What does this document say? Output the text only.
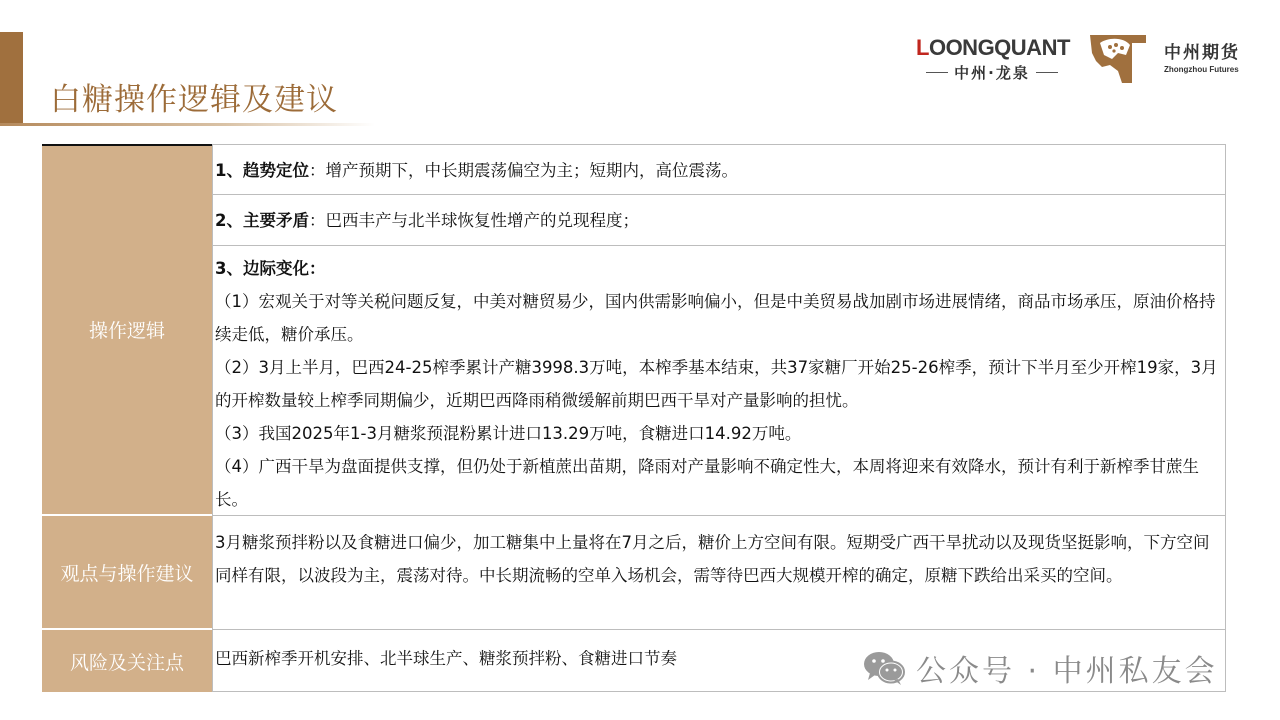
白糖操作逻辑及建议
LOONGQUANT
中州·龙泉
中州期货
Zhongzhou Futures
操作逻辑
观点与操作建议
风险及关注点
1、趋势定位：增产预期下，中长期震荡偏空为主；短期内，高位震荡。
2、主要矛盾：巴西丰产与北半球恢复性增产的兑现程度；
3、边际变化：
（1）宏观关于对等关税问题反复，中美对糖贸易少，国内供需影响偏小，但是中美贸易战加剧市场进展情绪，商品市场承压，原油价格持续走低，糖价承压。
（2）3月上半月，巴西24-25榨季累计产糖3998.3万吨，本榨季基本结束，共37家糖厂开始25-26榨季，预计下半月至少开榨19家，3月的开榨数量较上榨季同期偏少，近期巴西降雨稍微缓解前期巴西干旱对产量影响的担忧。
（3）我国2025年1-3月糖浆预混粉累计进口13.29万吨，食糖进口14.92万吨。
（4）广西干旱为盘面提供支撑，但仍处于新植蔗出苗期，降雨对产量影响不确定性大，本周将迎来有效降水，预计有利于新榨季甘蔗生长。
3月糖浆预拌粉以及食糖进口偏少，加工糖集中上量将在7月之后，糖价上方空间有限。短期受广西干旱扰动以及现货坚挺影响，下方空间同样有限，以波段为主，震荡对待。中长期流畅的空单入场机会，需等待巴西大规模开榨的确定，原糖下跌给出采买的空间。
巴西新榨季开机安排、北半球生产、糖浆预拌粉、食糖进口节奏	公众号 · 中州私友会
